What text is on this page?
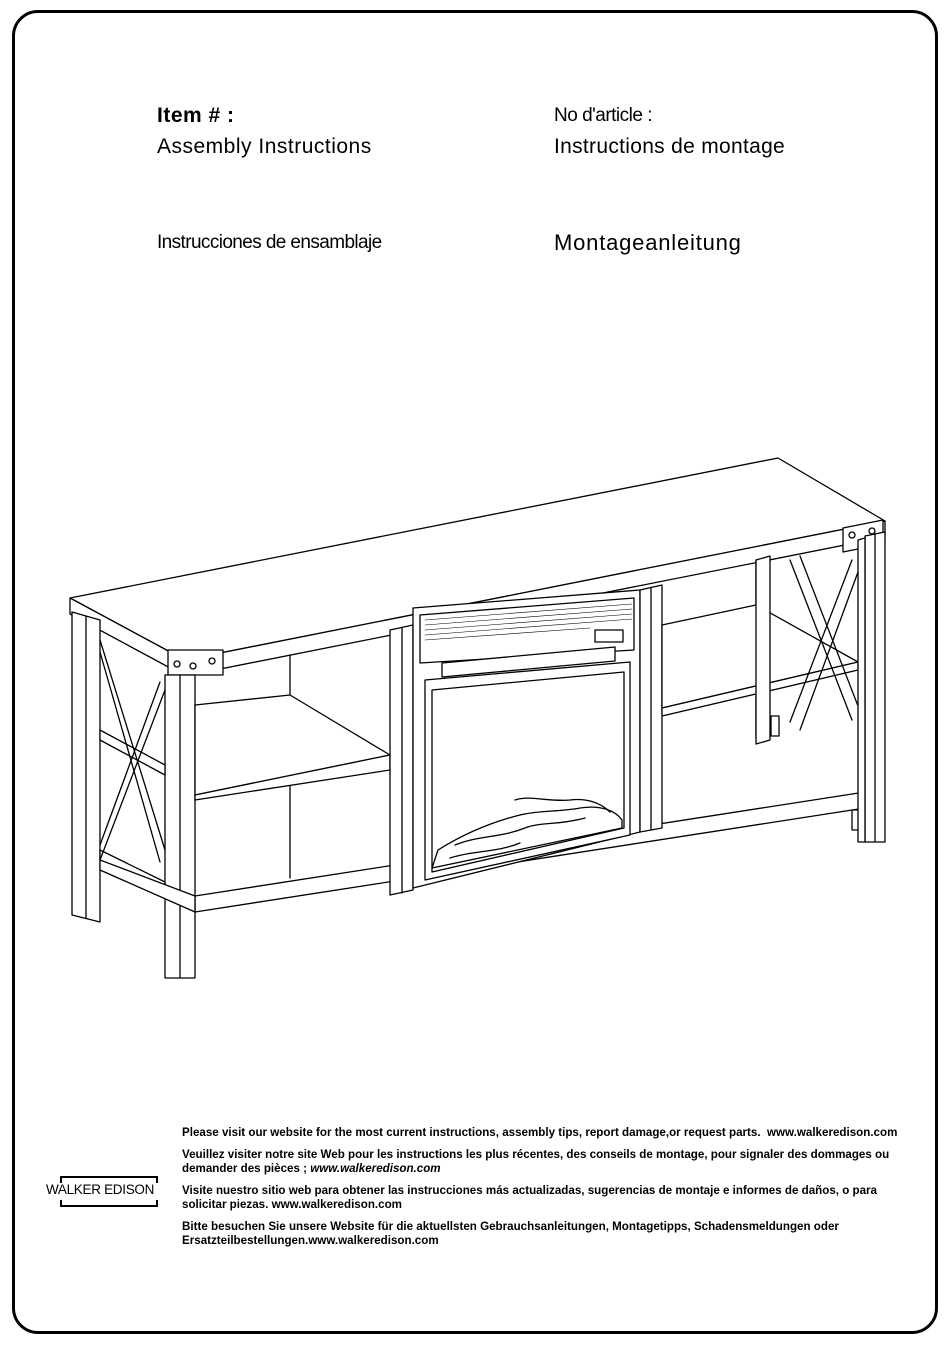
Item # :
Assembly Instructions
No d'article :
Instructions de montage
Instrucciones de ensamblaje	Montageanleitung
WALKER EDISON

Please visit our website for the most current instructions, assembly tips, report damage,or request parts. www.walkeredison.com

Veuillez visiter notre site Web pour les instructions les plus récentes, des conseils de montage, pour signaler des dommages ou demander des pièces ; www.walkeredison.com

Visite nuestro sitio web para obtener las instrucciones más actualizadas, sugerencias de montaje e informes de daños, o para solicitar piezas. www.walkeredison.com

Bitte besuchen Sie unsere Website für die aktuellsten Gebrauchsanleitungen, Montagetipps, Schadensmeldungen oder Ersatzteilbestellungen.www.walkeredison.com
